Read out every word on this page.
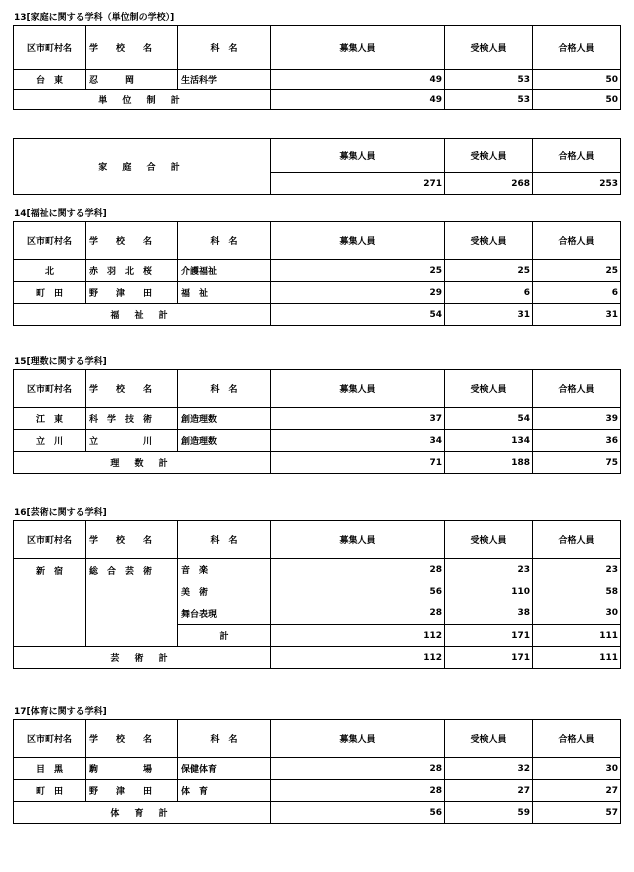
13[家庭に関する学科（単位制の学校）]
区市町村名	学　　校　　名	科　名	募集人員	受検人員	合格人員
台　東	忍　　　岡	生活科学	49	53	50
単 位 制 計			49	53	50
家 庭 合 計	募集人員	受検人員	合格人員
	271	268	253
14[福祉に関する学科]
区市町村名	学　　校　　名	科　名	募集人員	受検人員	合格人員
北	赤　羽　北　桜	介護福祉	25	25	25
町　田	野　　津　　田	福　祉	29	6	6
福 祉 計			54	31	31
15[理数に関する学科]
区市町村名	学　　校　　名	科　名	募集人員	受検人員	合格人員
江　東	科　学　技　術	創造理数	37	54	39
立　川	立　　　　　川	創造理数	34	134	36
理 数 計			71	188	75
16[芸術に関する学科]
区市町村名	学　　校　　名	科　名	募集人員	受検人員	合格人員
新　宿	総　合　芸　術	音　楽	28	23	23
		美　術	56	110	58
		舞台表現	28	38	30
		計	112	171	111
芸 術 計			112	171	111
17[体育に関する学科]
区市町村名	学　　校　　名	科　名	募集人員	受検人員	合格人員
目　黒	駒　　　　　場	保健体育	28	32	30
町　田	野　　津　　田	体　育	28	27	27
体 育 計			56	59	57
